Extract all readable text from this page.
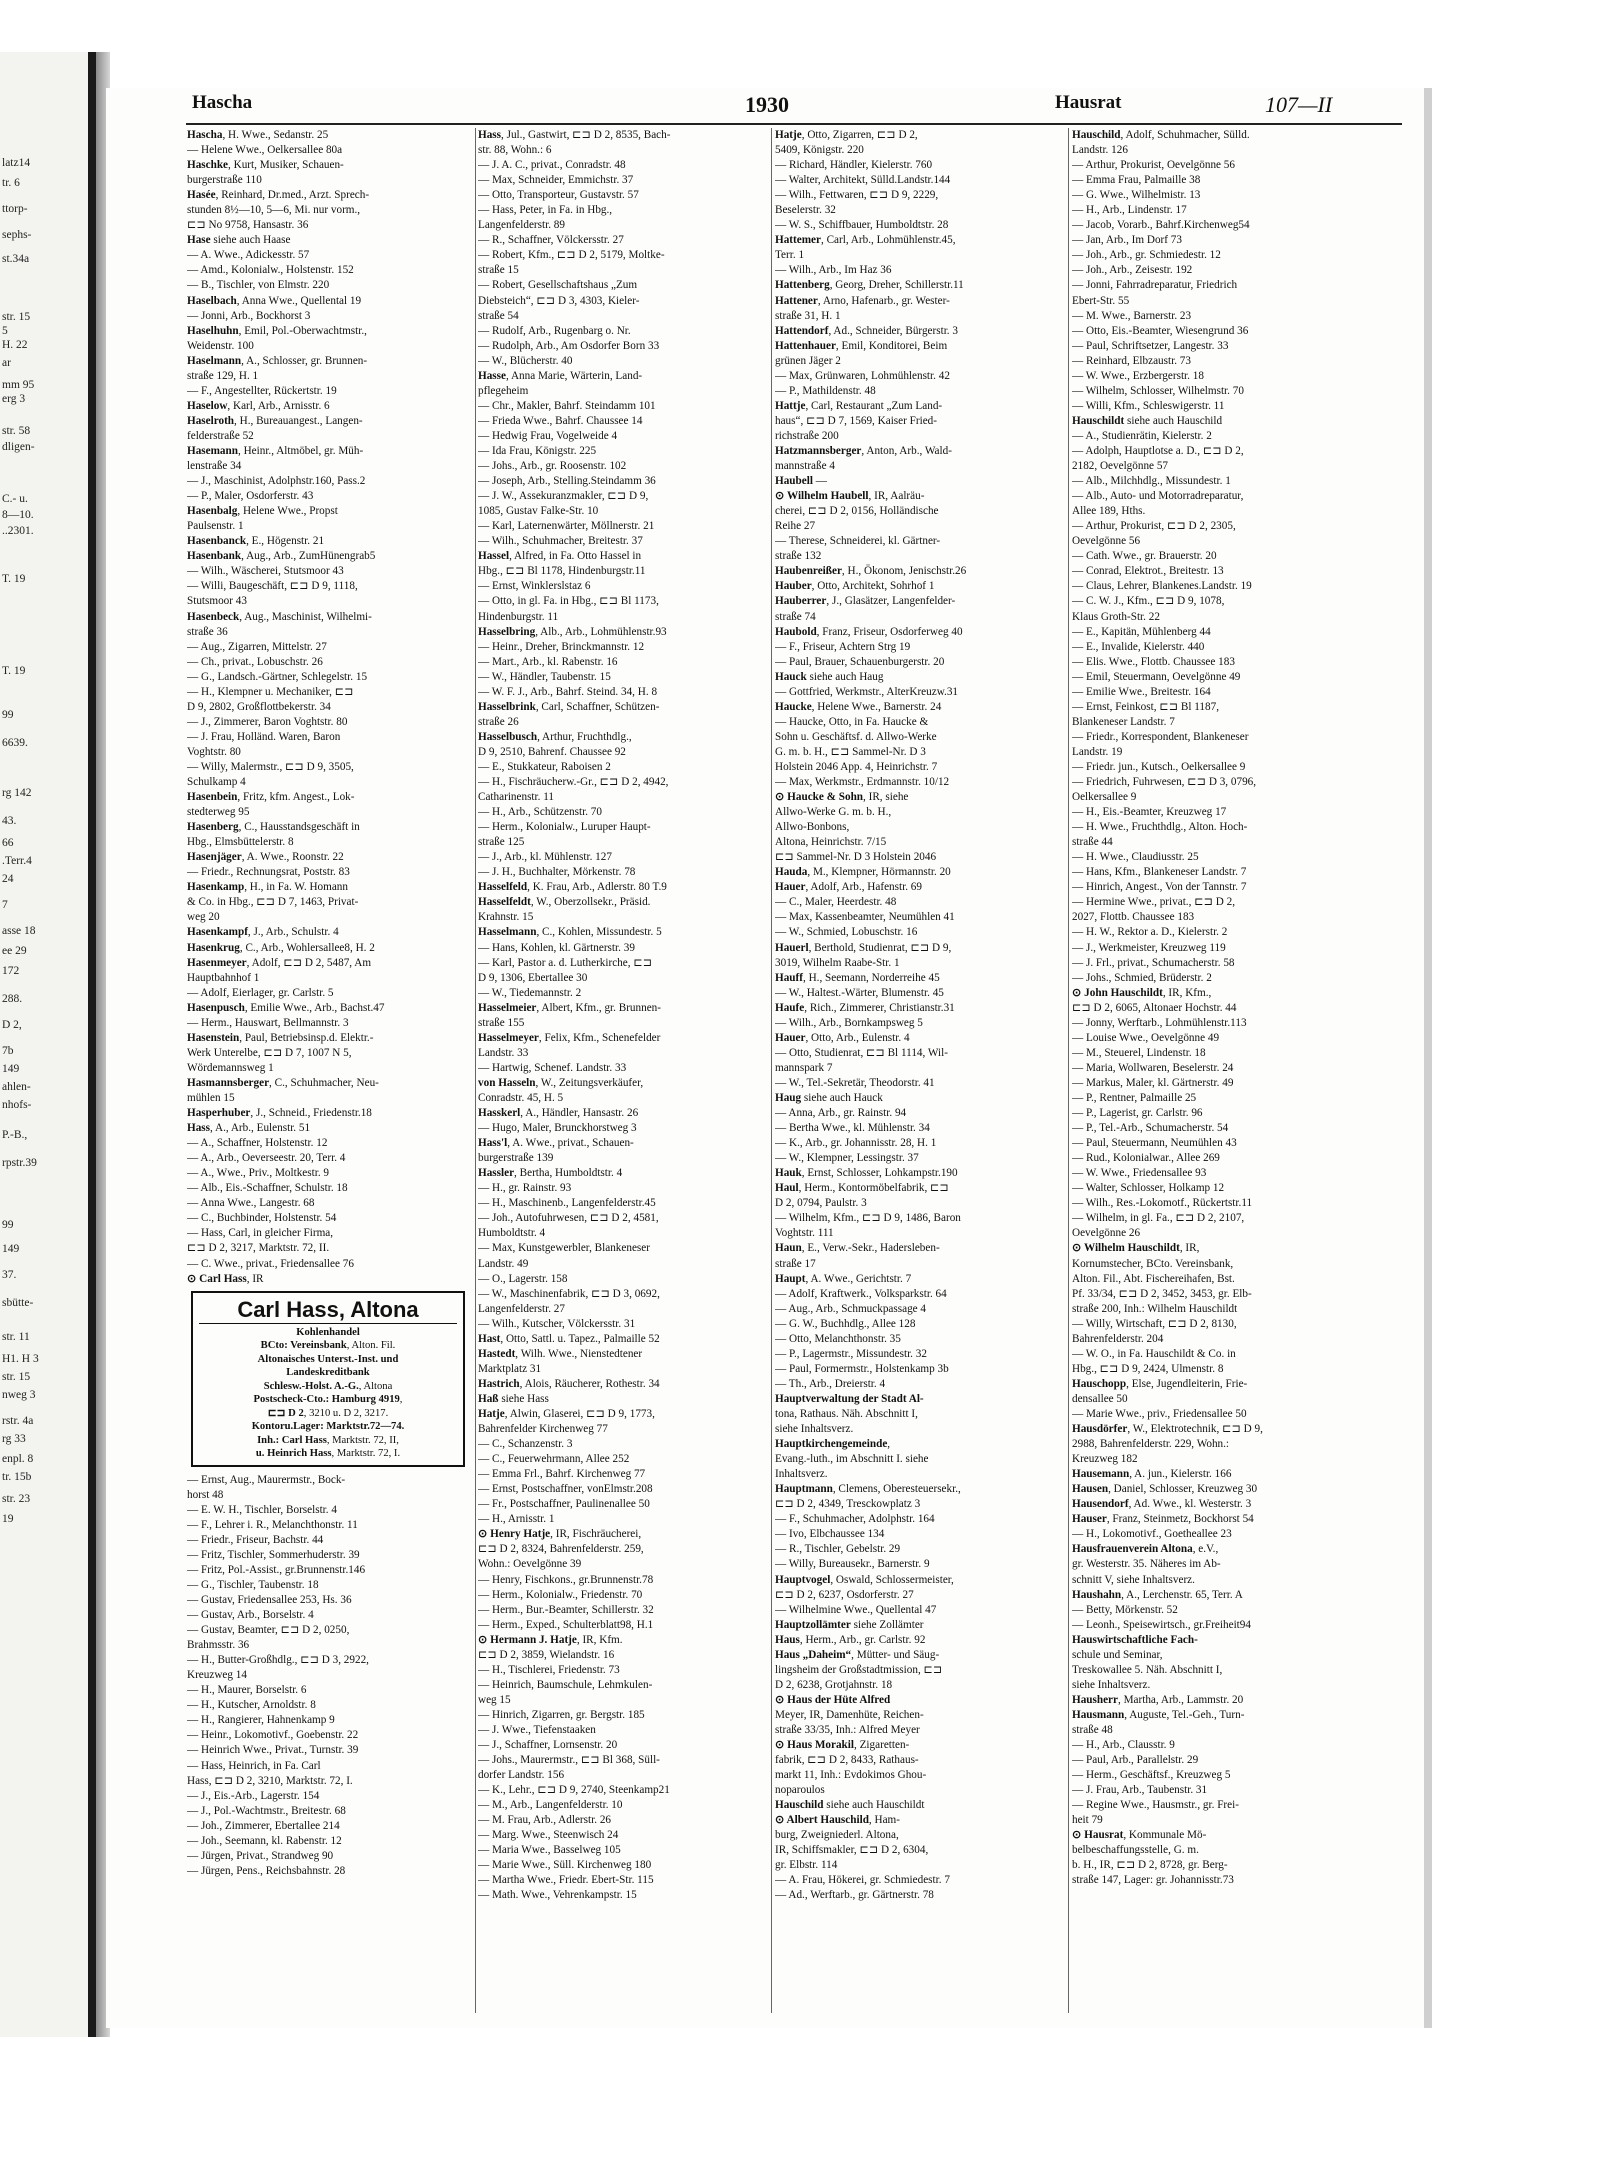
latz14
tr. 6
ttorp-
sephs-
st.34a
str. 15
5
H. 22
ar
mm 95
erg 3
str. 58
dligen-
C.- u.
8—10.
..2301.
T. 19
T. 19
99
6639.
rg 142
43.
66
.Terr.4
24
7
asse 18
ee 29
172
288.
D 2,
7b
149
ahlen-
nhofs-
P.-B.,
rpstr.39
99
149
37.
sbütte-
str. 11
H1. H 3
str. 15
nweg 3
rstr. 4a
rg 33
enpl. 8
tr. 15b
str. 23
19
Hascha	1930	Hausrat	107—II
Hascha, H. Wwe., Sedanstr. 25
— Helene Wwe., Oelkersallee 80a
Haschke, Kurt, Musiker, Schauen-
burgerstraße 110
Hasée, Reinhard, Dr.med., Arzt. Sprech-
stunden 8½—10, 5—6, Mi. nur vorm.,
⊏⊐ No 9758, Hansastr. 36
Hase siehe auch Haase
— A. Wwe., Adickesstr. 57
— Amd., Kolonialw., Holstenstr. 152
— B., Tischler, von Elmstr. 220
Haselbach, Anna Wwe., Quellental 19
— Jonni, Arb., Bockhorst 3
Haselhuhn, Emil, Pol.-Oberwachtmstr.,
Weidenstr. 100
Haselmann, A., Schlosser, gr. Brunnen-
straße 129, H. 1
— F., Angestellter, Rückertstr. 19
Haselow, Karl, Arb., Arnisstr. 6
Haselroth, H., Bureauangest., Langen-
felderstraße 52
Hasemann, Heinr., Altmöbel, gr. Müh-
lenstraße 34
— J., Maschinist, Adolphstr.160, Pass.2
— P., Maler, Osdorferstr. 43
Hasenbalg, Helene Wwe., Propst
Paulsenstr. 1
Hasenbanck, E., Högenstr. 21
Hasenbank, Aug., Arb., ZumHünengrab5
— Wilh., Wäscherei, Stutsmoor 43
— Willi, Baugeschäft, ⊏⊐ D 9, 1118,
Stutsmoor 43
Hasenbeck, Aug., Maschinist, Wilhelmi-
straße 36
— Aug., Zigarren, Mittelstr. 27
— Ch., privat., Lobuschstr. 26
— G., Landsch.-Gärtner, Schlegelstr. 15
— H., Klempner u. Mechaniker, ⊏⊐
D 9, 2802, Großflottbekerstr. 34
— J., Zimmerer, Baron Voghtstr. 80
— J. Frau, Holländ. Waren, Baron
Voghtstr. 80
— Willy, Malermstr., ⊏⊐ D 9, 3505,
Schulkamp 4
Hasenbein, Fritz, kfm. Angest., Lok-
stedterweg 95
Hasenberg, C., Hausstandsgeschäft in
Hbg., Elmsbüttelerstr. 8
Hasenjäger, A. Wwe., Roonstr. 22
— Friedr., Rechnungsrat, Poststr. 83
Hasenkamp, H., in Fa. W. Homann
& Co. in Hbg., ⊏⊐ D 7, 1463, Privat-
weg 20
Hasenkampf, J., Arb., Schulstr. 4
Hasenkrug, C., Arb., Wohlersallee8, H. 2
Hasenmeyer, Adolf, ⊏⊐ D 2, 5487, Am
Hauptbahnhof 1
— Adolf, Eierlager, gr. Carlstr. 5
Hasenpusch, Emilie Wwe., Arb., Bachst.47
— Herm., Hauswart, Bellmannstr. 3
Hasenstein, Paul, Betriebsinsp.d. Elektr.-
Werk Unterelbe, ⊏⊐ D 7, 1007 N 5,
Wördemannsweg 1
Hasmannsberger, C., Schuhmacher, Neu-
mühlen 15
Hasperhuber, J., Schneid., Friedenstr.18
Hass, A., Arb., Eulenstr. 51
— A., Schaffner, Holstenstr. 12
— A., Arb., Oeverseestr. 20, Terr. 4
— A., Wwe., Priv., Moltkestr. 9
— Alb., Eis.-Schaffner, Schulstr. 18
— Anna Wwe., Langestr. 68
— C., Buchbinder, Holstenstr. 54
— Hass, Carl, in gleicher Firma,
⊏⊐ D 2, 3217, Marktstr. 72, II.
— C. Wwe., privat., Friedensallee 76
⊙ Carl Hass, IR
Carl Hass, Altona
Kohlenhandel
BCto: Vereinsbank, Alton. Fil.
Altonaisches Unterst.-Inst. und
Landeskreditbank
Schlesw.-Holst. A.-G., Altona
Postscheck-Cto.: Hamburg 4919,
⊏⊐ D 2, 3210 u. D 2, 3217.
Kontoru.Lager: Marktstr.72—74.
Inh.: Carl Hass, Marktstr. 72, II,
u. Heinrich Hass, Marktstr. 72, I.
— Ernst, Aug., Maurermstr., Bock-
horst 48
— E. W. H., Tischler, Borselstr. 4
— F., Lehrer i. R., Melanchthonstr. 11
— Friedr., Friseur, Bachstr. 44
— Fritz, Tischler, Sommerhuderstr. 39
— Fritz, Pol.-Assist., gr.Brunnenstr.146
— G., Tischler, Taubenstr. 18
— Gustav, Friedensallee 253, Hs. 36
— Gustav, Arb., Borselstr. 4
— Gustav, Beamter, ⊏⊐ D 2, 0250,
Brahmsstr. 36
— H., Butter-Großhdlg., ⊏⊐ D 3, 2922,
Kreuzweg 14
— H., Maurer, Borselstr. 6
— H., Kutscher, Arnoldstr. 8
— H., Rangierer, Hahnenkamp 9
— Heinr., Lokomotivf., Goebenstr. 22
— Heinrich Wwe., Privat., Turnstr. 39
— Hass, Heinrich, in Fa. Carl
Hass, ⊏⊐ D 2, 3210, Marktstr. 72, I.
— J., Eis.-Arb., Lagerstr. 154
— J., Pol.-Wachtmstr., Breitestr. 68
— Joh., Zimmerer, Ebertallee 214
— Joh., Seemann, kl. Rabenstr. 12
— Jürgen, Privat., Strandweg 90
— Jürgen, Pens., Reichsbahnstr. 28
Hass, Jul., Gastwirt, ⊏⊐ D 2, 8535, Bach-
str. 88, Wohn.: 6
— J. A. C., privat., Conradstr. 48
— Max, Schneider, Emmichstr. 37
— Otto, Transporteur, Gustavstr. 57
— Hass, Peter, in Fa. in Hbg.,
Langenfelderstr. 89
— R., Schaffner, Völckersstr. 27
— Robert, Kfm., ⊏⊐ D 2, 5179, Moltke-
straße 15
— Robert, Gesellschaftshaus „Zum
Diebsteich“, ⊏⊐ D 3, 4303, Kieler-
straße 54
— Rudolf, Arb., Rugenbarg o. Nr.
— Rudolph, Arb., Am Osdorfer Born 33
— W., Blücherstr. 40
Hasse, Anna Marie, Wärterin, Land-
pflegeheim
— Chr., Makler, Bahrf. Steindamm 101
— Frieda Wwe., Bahrf. Chaussee 14
— Hedwig Frau, Vogelweide 4
— Ida Frau, Königstr. 225
— Johs., Arb., gr. Roosenstr. 102
— Joseph, Arb., Stelling.Steindamm 36
— J. W., Assekuranzmakler, ⊏⊐ D 9,
1085, Gustav Falke-Str. 10
— Karl, Laternenwärter, Möllnerstr. 21
— Wilh., Schuhmacher, Breitestr. 37
Hassel, Alfred, in Fa. Otto Hassel in
Hbg., ⊏⊐ Bl 1178, Hindenburgstr.11
— Ernst, Winklerslstaz 6
— Otto, in gl. Fa. in Hbg., ⊏⊐ Bl 1173,
Hindenburgstr. 11
Hasselbring, Alb., Arb., Lohmühlenstr.93
— Heinr., Dreher, Brinckmannstr. 12
— Mart., Arb., kl. Rabenstr. 16
— W., Händler, Taubenstr. 15
— W. F. J., Arb., Bahrf. Steind. 34, H. 8
Hasselbrink, Carl, Schaffner, Schützen-
straße 26
Hasselbusch, Arthur, Fruchthdlg.,
D 9, 2510, Bahrenf. Chaussee 92
— E., Stukkateur, Raboisen 2
— H., Fischräucherw.-Gr., ⊏⊐ D 2, 4942,
Catharinenstr. 11
— H., Arb., Schützenstr. 70
— Herm., Kolonialw., Luruper Haupt-
straße 125
— J., Arb., kl. Mühlenstr. 127
— J. H., Buchhalter, Mörkenstr. 78
Hasselfeld, K. Frau, Arb., Adlerstr. 80 T.9
Hasselfeldt, W., Oberzollsekr., Präsid.
Krahnstr. 15
Hasselmann, C., Kohlen, Missundestr. 5
— Hans, Kohlen, kl. Gärtnerstr. 39
— Karl, Pastor a. d. Lutherkirche, ⊏⊐
D 9, 1306, Ebertallee 30
— W., Tiedemannstr. 2
Hasselmeier, Albert, Kfm., gr. Brunnen-
straße 155
Hasselmeyer, Felix, Kfm., Schenefelder
Landstr. 33
— Hartwig, Schenef. Landstr. 33
von Hasseln, W., Zeitungsverkäufer,
Conradstr. 45, H. 5
Hasskerl, A., Händler, Hansastr. 26
— Hugo, Maler, Brunckhorstweg 3
Hass'l, A. Wwe., privat., Schauen-
burgerstraße 139
Hassler, Bertha, Humboldtstr. 4
— H., gr. Rainstr. 93
— H., Maschinenb., Langenfelderstr.45
— Joh., Autofuhrwesen, ⊏⊐ D 2, 4581,
Humboldtstr. 4
— Max, Kunstgewerbler, Blankeneser
Landstr. 49
— O., Lagerstr. 158
— W., Maschinenfabrik, ⊏⊐ D 3, 0692,
Langenfelderstr. 27
— Wilh., Kutscher, Völckersstr. 31
Hast, Otto, Sattl. u. Tapez., Palmaille 52
Hastedt, Wilh. Wwe., Nienstedtener
Marktplatz 31
Hastrich, Alois, Räucherer, Rothestr. 34
Haß siehe Hass
Hatje, Alwin, Glaserei, ⊏⊐ D 9, 1773,
Bahrenfelder Kirchenweg 77
— C., Schanzenstr. 3
— C., Feuerwehrmann, Allee 252
— Emma Frl., Bahrf. Kirchenweg 77
— Ernst, Postschaffner, vonElmstr.208
— Fr., Postschaffner, Paulinenallee 50
— H., Arnisstr. 1
⊙ Henry Hatje, IR, Fischräucherei,
⊏⊐ D 2, 8324, Bahrenfelderstr. 259,
Wohn.: Oevelgönne 39
— Henry, Fischkons., gr.Brunnenstr.78
— Herm., Kolonialw., Friedenstr. 70
— Herm., Bur.-Beamter, Schillerstr. 32
— Herm., Exped., Schulterblatt98, H.1
⊙ Hermann J. Hatje, IR, Kfm.
⊏⊐ D 2, 3859, Wielandstr. 16
— H., Tischlerei, Friedenstr. 73
— Heinrich, Baumschule, Lehmkulen-
weg 15
— Hinrich, Zigarren, gr. Bergstr. 185
— J. Wwe., Tiefenstaaken
— J., Schaffner, Lornsenstr. 20
— Johs., Maurermstr., ⊏⊐ Bl 368, Süll-
dorfer Landstr. 156
— K., Lehr., ⊏⊐ D 9, 2740, Steenkamp21
— M., Arb., Langenfelderstr. 10
— M. Frau, Arb., Adlerstr. 26
— Marg. Wwe., Steenwisch 24
— Maria Wwe., Basselweg 105
— Marie Wwe., Süll. Kirchenweg 180
— Martha Wwe., Friedr. Ebert-Str. 115
— Math. Wwe., Vehrenkampstr. 15
Hatje, Otto, Zigarren, ⊏⊐ D 2,
5409, Königstr. 220
— Richard, Händler, Kielerstr. 760
— Walter, Architekt, Sülld.Landstr.144
— Wilh., Fettwaren, ⊏⊐ D 9, 2229,
Beselerstr. 32
— W. S., Schiffbauer, Humboldtstr. 28
Hattemer, Carl, Arb., Lohmühlenstr.45,
Terr. 1
— Wilh., Arb., Im Haz 36
Hattenberg, Georg, Dreher, Schillerstr.11
Hattener, Arno, Hafenarb., gr. Wester-
straße 31, H. 1
Hattendorf, Ad., Schneider, Bürgerstr. 3
Hattenhauer, Emil, Konditorei, Beim
grünen Jäger 2
— Max, Grünwaren, Lohmühlenstr. 42
— P., Mathildenstr. 48
Hattje, Carl, Restaurant „Zum Land-
haus“, ⊏⊐ D 7, 1569, Kaiser Fried-
richstraße 200
Hatzmannsberger, Anton, Arb., Wald-
mannstraße 4
Haubell —
⊙ Wilhelm Haubell, IR, Aalräu-
cherei, ⊏⊐ D 2, 0156, Holländische
Reihe 27
— Therese, Schneiderei, kl. Gärtner-
straße 132
Haubenreißer, H., Ökonom, Jenischstr.26
Hauber, Otto, Architekt, Sohrhof 1
Hauberrer, J., Glasätzer, Langenfelder-
straße 74
Haubold, Franz, Friseur, Osdorferweg 40
— F., Friseur, Achtern Strg 19
— Paul, Brauer, Schauenburgerstr. 20
Hauck siehe auch Haug
— Gottfried, Werkmstr., AlterKreuzw.31
Haucke, Helene Wwe., Barnerstr. 24
— Haucke, Otto, in Fa. Haucke &
Sohn u. Geschäftsf. d. Allwo-Werke
G. m. b. H., ⊏⊐ Sammel-Nr. D 3
Holstein 2046 App. 4, Heinrichstr. 7
— Max, Werkmstr., Erdmannstr. 10/12
⊙ Haucke & Sohn, IR, siehe
Allwo-Werke G. m. b. H.,
Allwo-Bonbons,
Altona, Heinrichstr. 7/15
⊏⊐ Sammel-Nr. D 3 Holstein 2046
Hauda, M., Klempner, Hörmannstr. 20
Hauer, Adolf, Arb., Hafenstr. 69
— C., Maler, Heerdestr. 48
— Max, Kassenbeamter, Neumühlen 41
— W., Schmied, Lobuschstr. 16
Hauerl, Berthold, Studienrat, ⊏⊐ D 9,
3019, Wilhelm Raabe-Str. 1
Hauff, H., Seemann, Norderreihe 45
— W., Haltest.-Wärter, Blumenstr. 45
Haufe, Rich., Zimmerer, Christianstr.31
— Wilh., Arb., Bornkampsweg 5
Hauer, Otto, Arb., Eulenstr. 4
— Otto, Studienrat, ⊏⊐ Bl 1114, Wil-
mannspark 7
— W., Tel.-Sekretär, Theodorstr. 41
Haug siehe auch Hauck
— Anna, Arb., gr. Rainstr. 94
— Bertha Wwe., kl. Mühlenstr. 34
— K., Arb., gr. Johannisstr. 28, H. 1
— W., Klempner, Lessingstr. 37
Hauk, Ernst, Schlosser, Lohkampstr.190
Haul, Herm., Kontormöbelfabrik, ⊏⊐
D 2, 0794, Paulstr. 3
— Wilhelm, Kfm., ⊏⊐ D 9, 1486, Baron
Voghtstr. 111
Haun, E., Verw.-Sekr., Hadersleben-
straße 17
Haupt, A. Wwe., Gerichtstr. 7
— Adolf, Kraftwerk., Volksparkstr. 64
— Aug., Arb., Schmuckpassage 4
— G. W., Buchhdlg., Allee 128
— Otto, Melanchthonstr. 35
— P., Lagermstr., Missundestr. 32
— Paul, Formermstr., Holstenkamp 3b
— Th., Arb., Dreierstr. 4
Hauptverwaltung der Stadt Al-
tona, Rathaus. Näh. Abschnitt I,
siehe Inhaltsverz.
Hauptkirchengemeinde,
Evang.-luth., im Abschnitt I. siehe
Inhaltsverz.
Hauptmann, Clemens, Oberesteuersekr.,
⊏⊐ D 2, 4349, Tresckowplatz 3
— F., Schuhmacher, Adolphstr. 164
— Ivo, Elbchaussee 134
— R., Tischler, Gebelstr. 29
— Willy, Bureausekr., Barnerstr. 9
Hauptvogel, Oswald, Schlossermeister,
⊏⊐ D 2, 6237, Osdorferstr. 27
— Wilhelmine Wwe., Quellental 47
Hauptzollämter siehe Zollämter
Haus, Herm., Arb., gr. Carlstr. 92
Haus „Daheim“, Mütter- und Säug-
lingsheim der Großstadtmission, ⊏⊐
D 2, 6238, Grotjahnstr. 18
⊙ Haus der Hüte Alfred
Meyer, IR, Damenhüte, Reichen-
straße 33/35, Inh.: Alfred Meyer
⊙ Haus Morakil, Zigaretten-
fabrik, ⊏⊐ D 2, 8433, Rathaus-
markt 11, Inh.: Evdokimos Ghou-
noparoulos
Hauschild siehe auch Hauschildt
⊙ Albert Hauschild, Ham-
burg, Zweigniederl. Altona,
IR, Schiffsmakler, ⊏⊐ D 2, 6304,
gr. Elbstr. 114
— A. Frau, Hökerei, gr. Schmiedestr. 7
— Ad., Werftarb., gr. Gärtnerstr. 78
Hauschild, Adolf, Schuhmacher, Sülld.
Landstr. 126
— Arthur, Prokurist, Oevelgönne 56
— Emma Frau, Palmaille 38
— G. Wwe., Wilhelmistr. 13
— H., Arb., Lindenstr. 17
— Jacob, Vorarb., Bahrf.Kirchenweg54
— Jan, Arb., Im Dorf 73
— Joh., Arb., gr. Schmiedestr. 12
— Joh., Arb., Zeisestr. 192
— Jonni, Fahrradreparatur, Friedrich
Ebert-Str. 55
— M. Wwe., Barnerstr. 23
— Otto, Eis.-Beamter, Wiesengrund 36
— Paul, Schriftsetzer, Langestr. 33
— Reinhard, Elbzaustr. 73
— W. Wwe., Erzbergerstr. 18
— Wilhelm, Schlosser, Wilhelmstr. 70
— Willi, Kfm., Schleswigerstr. 11
Hauschildt siehe auch Hauschild
— A., Studienrätin, Kielerstr. 2
— Adolph, Hauptlotse a. D., ⊏⊐ D 2,
2182, Oevelgönne 57
— Alb., Milchhdlg., Missundestr. 1
— Alb., Auto- und Motorradreparatur,
Allee 189, Hths.
— Arthur, Prokurist, ⊏⊐ D 2, 2305,
Oevelgönne 56
— Cath. Wwe., gr. Brauerstr. 20
— Conrad, Elektrot., Breitestr. 13
— Claus, Lehrer, Blankenes.Landstr. 19
— C. W. J., Kfm., ⊏⊐ D 9, 1078,
Klaus Groth-Str. 22
— E., Kapitän, Mühlenberg 44
— E., Invalide, Kielerstr. 440
— Elis. Wwe., Flottb. Chaussee 183
— Emil, Steuermann, Oevelgönne 49
— Emilie Wwe., Breitestr. 164
— Ernst, Feinkost, ⊏⊐ Bl 1187,
Blankeneser Landstr. 7
— Friedr., Korrespondent, Blankeneser
Landstr. 19
— Friedr. jun., Kutsch., Oelkersallee 9
— Friedrich, Fuhrwesen, ⊏⊐ D 3, 0796,
Oelkersallee 9
— H., Eis.-Beamter, Kreuzweg 17
— H. Wwe., Fruchthdlg., Alton. Hoch-
straße 44
— H. Wwe., Claudiusstr. 25
— Hans, Kfm., Blankeneser Landstr. 7
— Hinrich, Angest., Von der Tannstr. 7
— Hermine Wwe., privat., ⊏⊐ D 2,
2027, Flottb. Chaussee 183
— H. W., Rektor a. D., Kielerstr. 2
— J., Werkmeister, Kreuzweg 119
— J. Frl., privat., Schumacherstr. 58
— Johs., Schmied, Brüderstr. 2
⊙ John Hauschildt, IR, Kfm.,
⊏⊐ D 2, 6065, Altonaer Hochstr. 44
— Jonny, Werftarb., Lohmühlenstr.113
— Louise Wwe., Oevelgönne 49
— M., Steuerel, Lindenstr. 18
— Maria, Wollwaren, Beselerstr. 24
— Markus, Maler, kl. Gärtnerstr. 49
— P., Rentner, Palmaille 25
— P., Lagerist, gr. Carlstr. 96
— P., Tel.-Arb., Schumacherstr. 54
— Paul, Steuermann, Neumühlen 43
— Rud., Kolonialwar., Allee 269
— W. Wwe., Friedensallee 93
— Walter, Schlosser, Holkamp 12
— Wilh., Res.-Lokomotf., Rückertstr.11
— Wilhelm, in gl. Fa., ⊏⊐ D 2, 2107,
Oevelgönne 26
⊙ Wilhelm Hauschildt, IR,
Kornumstecher, BCto. Vereinsbank,
Alton. Fil., Abt. Fischereihafen, Bst.
Pf. 33/34, ⊏⊐ D 2, 3452, 3453, gr. Elb-
straße 200, Inh.: Wilhelm Hauschildt
— Willy, Wirtschaft, ⊏⊐ D 2, 8130,
Bahrenfelderstr. 204
— W. O., in Fa. Hauschildt & Co. in
Hbg., ⊏⊐ D 9, 2424, Ulmenstr. 8
Hauschopp, Else, Jugendleiterin, Frie-
densallee 50
— Marie Wwe., priv., Friedensallee 50
Hausdörfer, W., Elektrotechnik, ⊏⊐ D 9,
2988, Bahrenfelderstr. 229, Wohn.:
Kreuzweg 182
Hausemann, A. jun., Kielerstr. 166
Hausen, Daniel, Schlosser, Kreuzweg 30
Hausendorf, Ad. Wwe., kl. Westerstr. 3
Hauser, Franz, Steinmetz, Bockhorst 54
— H., Lokomotivf., Goetheallee 23
Hausfrauenverein Altona, e.V.,
gr. Westerstr. 35. Näheres im Ab-
schnitt V, siehe Inhaltsverz.
Haushahn, A., Lerchenstr. 65, Terr. A
— Betty, Mörkenstr. 52
— Leonh., Speisewirtsch., gr.Freiheit94
Hauswirtschaftliche Fach-
schule und Seminar,
Treskowallee 5. Näh. Abschnitt I,
siehe Inhaltsverz.
Hausherr, Martha, Arb., Lammstr. 20
Hausmann, Auguste, Tel.-Geh., Turn-
straße 48
— H., Arb., Clausstr. 9
— Paul, Arb., Parallelstr. 29
— Herm., Geschäftsf., Kreuzweg 5
— J. Frau, Arb., Taubenstr. 31
— Regine Wwe., Hausmstr., gr. Frei-
heit 79
⊙ Hausrat, Kommunale Mö-
belbeschaffungsstelle, G. m.
b. H., IR, ⊏⊐ D 2, 8728, gr. Berg-
straße 147, Lager: gr. Johannisstr.73
